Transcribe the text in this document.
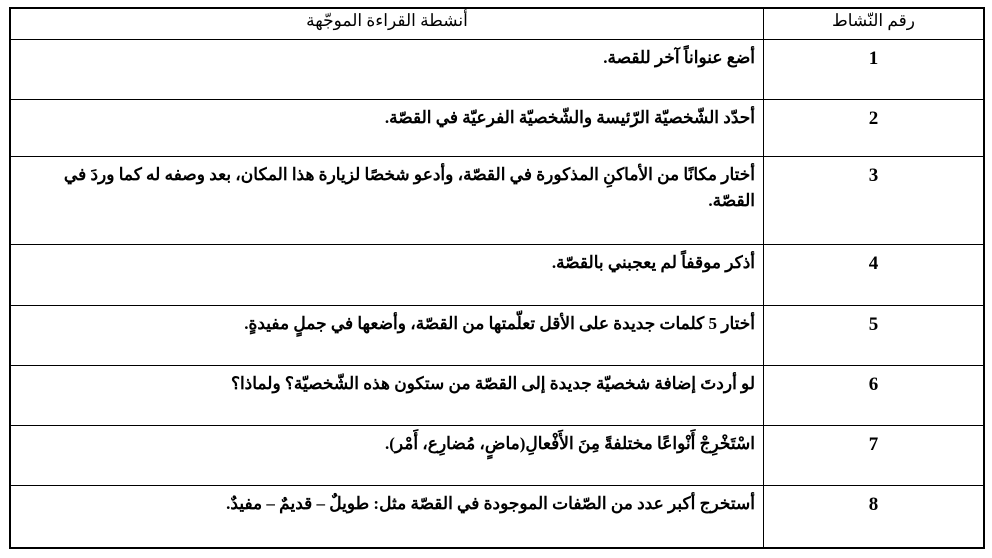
رقم النّشاط	أنشطة القراءة الموجّهة
1	أضع عنواناً آخر للقصة.
2	أحدّد الشّخصيّة الرّئيسة والشّخصيّة الفرعيّة في القصّة.
3	أختار مكانًا من الأماكنِ المذكورة في القصّة، وأدعو شخصًا لزيارة هذا المكان، بعد وصفه له كما وردَ في القصّة.
4	أذكر موقفاً لم يعجبني بالقصّة.
5	أختار 5 كلمات جديدة على الأقل تعلّمتها من القصّة، وأضعها في جملٍ مفيدةٍ.
6	لو أردتَ إضافة شخصيّة جديدة إلى القصّة من ستكون هذه الشّخصيّة؟ ولماذا؟
7	اسْتَخْرِجْ أَنْواعًا مختلفةً مِنَ الأَفْعالِ(ماضٍ، مُضارِع، أَمْر).
8	أستخرج أكبر عدد من الصّفات الموجودة في القصّة مثل: طويلٌ – قديمٌ – مفيدٌ.
